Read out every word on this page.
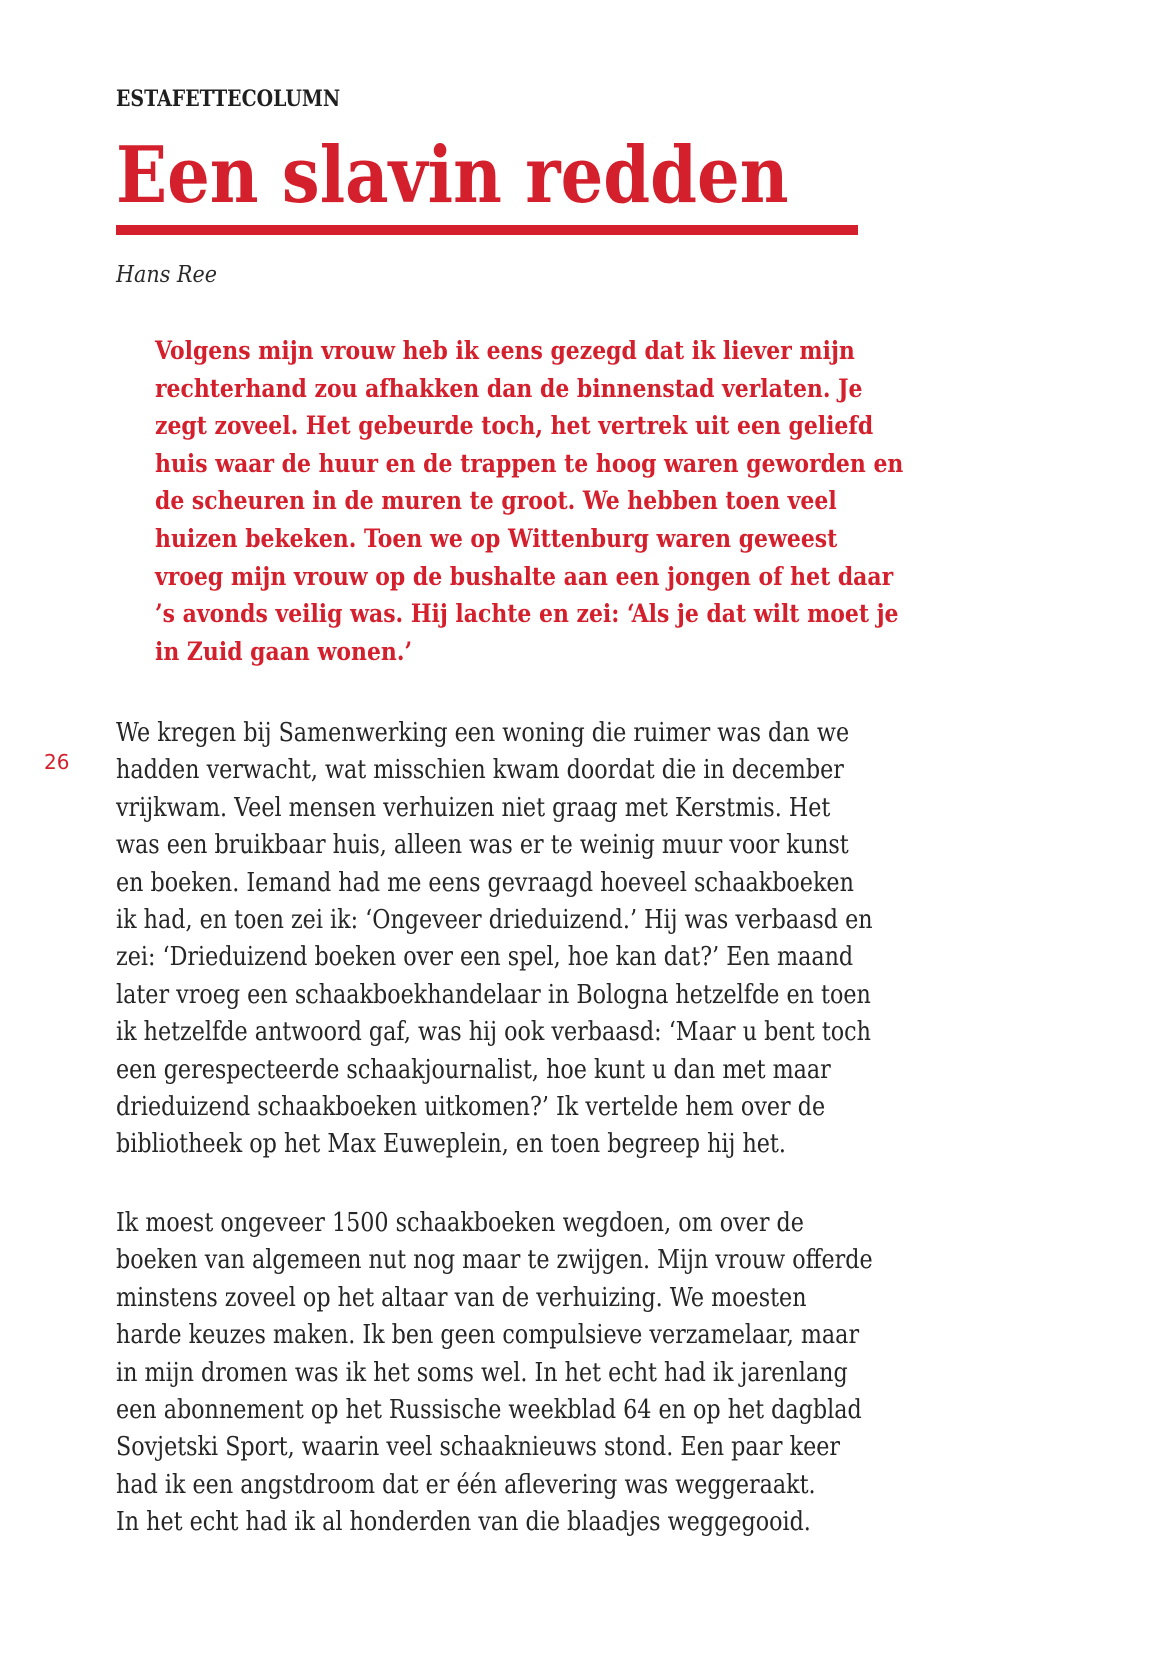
ESTAFETTECOLUMN
Een slavin redden
Hans Ree

Volgens mijn vrouw heb ik eens gezegd dat ik liever mijn
rechterhand zou afhakken dan de binnenstad verlaten. Je
zegt zoveel. Het gebeurde toch, het vertrek uit een geliefd
huis waar de huur en de trappen te hoog waren geworden en
de scheuren in de muren te groot. We hebben toen veel
huizen bekeken. Toen we op Wittenburg waren geweest
vroeg mijn vrouw op de bushalte aan een jongen of het daar
’s avonds veilig was. Hij lachte en zei: ‘Als je dat wilt moet je
in Zuid gaan wonen.’

26

We kregen bij Samenwerking een woning die ruimer was dan we
hadden verwacht, wat misschien kwam doordat die in december
vrijkwam. Veel mensen verhuizen niet graag met Kerstmis. Het
was een bruikbaar huis, alleen was er te weinig muur voor kunst
en boeken. Iemand had me eens gevraagd hoeveel schaakboeken
ik had, en toen zei ik: ‘Ongeveer drieduizend.’ Hij was verbaasd en
zei: ‘Drieduizend boeken over een spel, hoe kan dat?’ Een maand
later vroeg een schaakboekhandelaar in Bologna hetzelfde en toen
ik hetzelfde antwoord gaf, was hij ook verbaasd: ‘Maar u bent toch
een gerespecteerde schaakjournalist, hoe kunt u dan met maar
drieduizend schaakboeken uitkomen?’ Ik vertelde hem over de
bibliotheek op het Max Euweplein, en toen begreep hij het.

Ik moest ongeveer 1500 schaakboeken wegdoen, om over de
boeken van algemeen nut nog maar te zwijgen. Mijn vrouw offerde
minstens zoveel op het altaar van de verhuizing. We moesten
harde keuzes maken. Ik ben geen compulsieve verzamelaar, maar
in mijn dromen was ik het soms wel. In het echt had ik jarenlang
een abonnement op het Russische weekblad 64 en op het dagblad
Sovjetski Sport, waarin veel schaaknieuws stond. Een paar keer
had ik een angstdroom dat er één aflevering was weggeraakt.
In het echt had ik al honderden van die blaadjes weggegooid.
